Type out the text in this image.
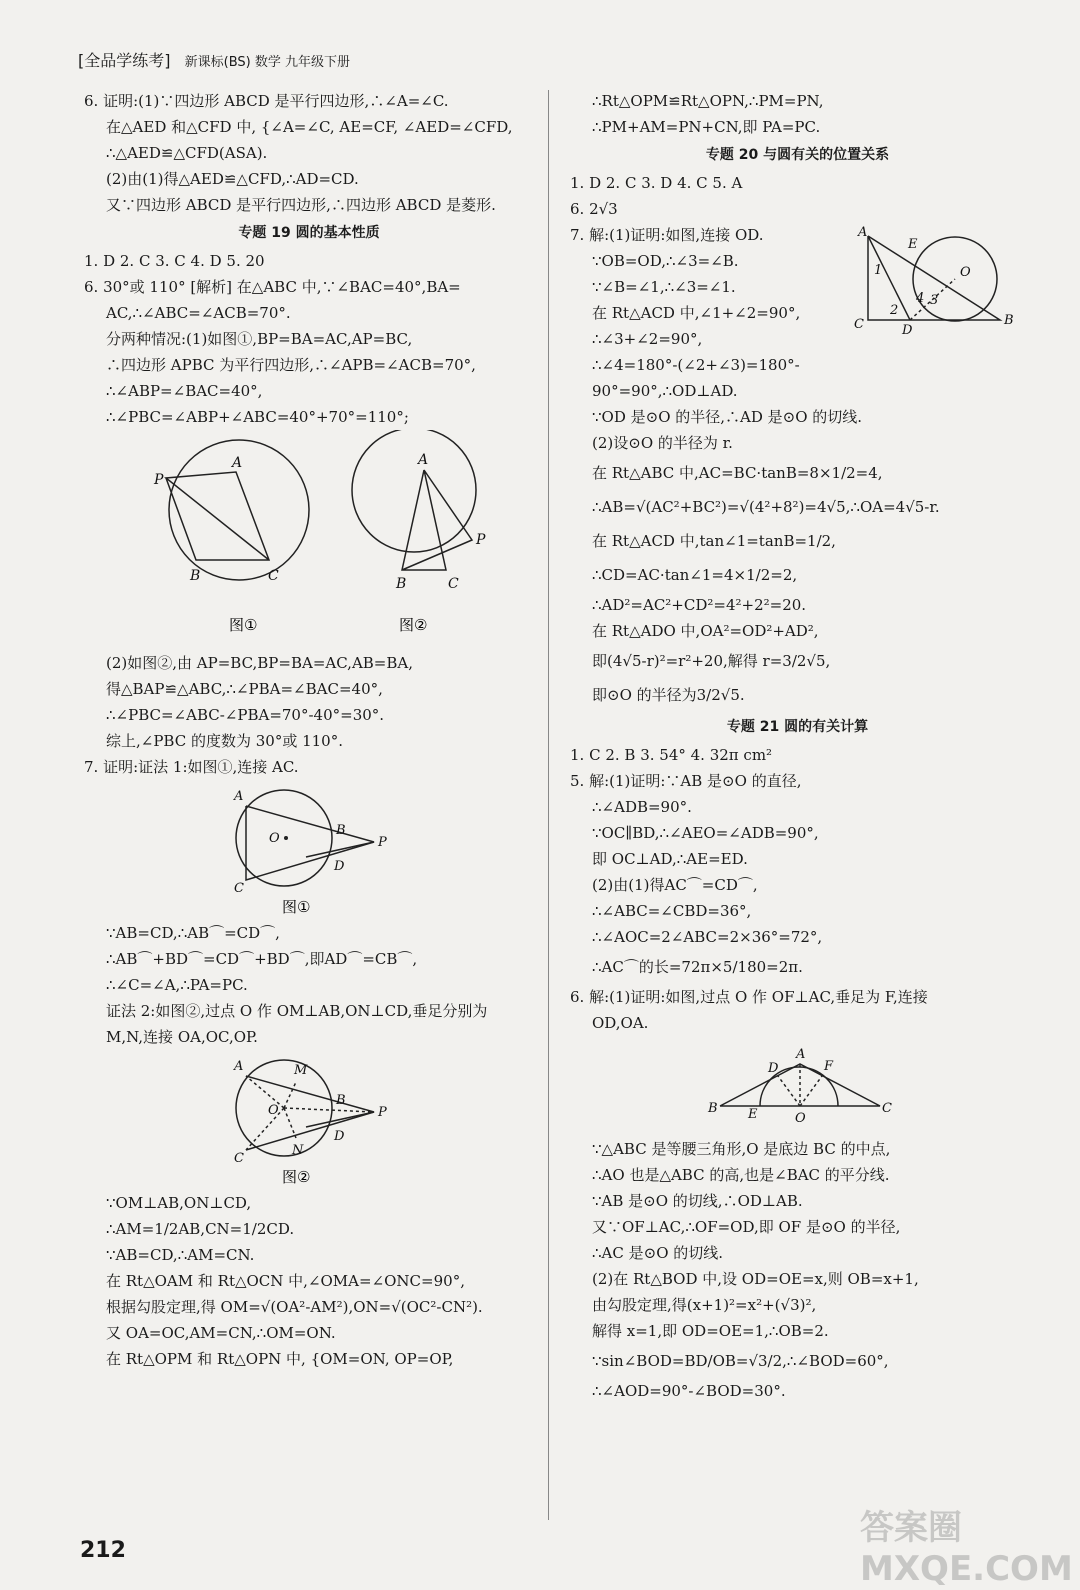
[全品学练考] 新课标(BS) 数学 九年级下册
6. 证明:(1)∵四边形 ABCD 是平行四边形,∴∠A=∠C.
在△AED 和△CFD 中, {∠A=∠C, AE=CF, ∠AED=∠CFD,
∴△AED≌△CFD(ASA).
(2)由(1)得△AED≌△CFD,∴AD=CD.
又∵四边形 ABCD 是平行四边形,∴四边形 ABCD 是菱形.
专题 19 圆的基本性质
1. D 2. C 3. C 4. D 5. 20
6. 30°或 110° [解析] 在△ABC 中,∵∠BAC=40°,BA=
AC,∴∠ABC=∠ACB=70°.
分两种情况:(1)如图①,BP=BA=AC,AP=BC,
∴四边形 APBC 为平行四边形,∴∠APB=∠ACB=70°,
∴∠ABP=∠BAC=40°,
∴∠PBC=∠ABP+∠ABC=40°+70°=110°;
P
A
B	C
A
P
B	C
图①	图②
(2)如图②,由 AP=BC,BP=BA=AC,AB=BA,
得△BAP≌△ABC,∴∠PBA=∠BAC=40°,
∴∠PBC=∠ABC-∠PBA=70°-40°=30°.
综上,∠PBC 的度数为 30°或 110°.
7. 证明:证法 1:如图①,连接 AC.
A
B
P
D
C
O
图①
∵AB=CD,∴AB⌒=CD⌒,
∴AB⌒+BD⌒=CD⌒+BD⌒,即AD⌒=CB⌒,
∴∠C=∠A,∴PA=PC.
证法 2:如图②,过点 O 作 OM⊥AB,ON⊥CD,垂足分别为
M,N,连接 OA,OC,OP.
A	M
B
P
D
N
C
O
图②
∵OM⊥AB,ON⊥CD,
∴AM=1/2AB,CN=1/2CD.
∵AB=CD,∴AM=CN.
在 Rt△OAM 和 Rt△OCN 中,∠OMA=∠ONC=90°,
根据勾股定理,得 OM=√(OA²-AM²),ON=√(OC²-CN²).
又 OA=OC,AM=CN,∴OM=ON.
在 Rt△OPM 和 Rt△OPN 中, {OM=ON, OP=OP,
∴Rt△OPM≌Rt△OPN,∴PM=PN,
∴PM+AM=PN+CN,即 PA=PC.
专题 20 与圆有关的位置关系
1. D 2. C 3. D 4. C 5. A
6. 2√3
A
E
O
B
C	D
1
2
3
4
7. 解:(1)证明:如图,连接 OD.
∵OB=OD,∴∠3=∠B.
∵∠B=∠1,∴∠3=∠1.
在 Rt△ACD 中,∠1+∠2=90°,
∴∠3+∠2=90°,
∴∠4=180°-(∠2+∠3)=180°-
90°=90°,∴OD⊥AD.
∵OD 是⊙O 的半径,∴AD 是⊙O 的切线.
(2)设⊙O 的半径为 r.
在 Rt△ABC 中,AC=BC·tanB=8×1/2=4,
∴AB=√(AC²+BC²)=√(4²+8²)=4√5,∴OA=4√5-r.
在 Rt△ACD 中,tan∠1=tanB=1/2,
∴CD=AC·tan∠1=4×1/2=2,
∴AD²=AC²+CD²=4²+2²=20.
在 Rt△ADO 中,OA²=OD²+AD²,
即(4√5-r)²=r²+20,解得 r=3/2√5,
即⊙O 的半径为3/2√5.
专题 21 圆的有关计算
1. C 2. B 3. 54° 4. 32π cm²
5. 解:(1)证明:∵AB 是⊙O 的直径,
∴∠ADB=90°.
∵OC∥BD,∴∠AEO=∠ADB=90°,
即 OC⊥AD,∴AE=ED.
(2)由(1)得AC⌒=CD⌒,
∴∠ABC=∠CBD=36°,
∴∠AOC=2∠ABC=2×36°=72°,
∴AC⌒的长=72π×5/180=2π.
6. 解:(1)证明:如图,过点 O 作 OF⊥AC,垂足为 F,连接
OD,OA.
B E	O
C
A
D	F
∵△ABC 是等腰三角形,O 是底边 BC 的中点,
∴AO 也是△ABC 的高,也是∠BAC 的平分线.
∵AB 是⊙O 的切线,∴OD⊥AB.
又∵OF⊥AC,∴OF=OD,即 OF 是⊙O 的半径,
∴AC 是⊙O 的切线.
(2)在 Rt△BOD 中,设 OD=OE=x,则 OB=x+1,
由勾股定理,得(x+1)²=x²+(√3)²,
解得 x=1,即 OD=OE=1,∴OB=2.
∵sin∠BOD=BD/OB=√3/2,∴∠BOD=60°,
∴∠AOD=90°-∠BOD=30°.
212
答案圈 MXQE.COM
